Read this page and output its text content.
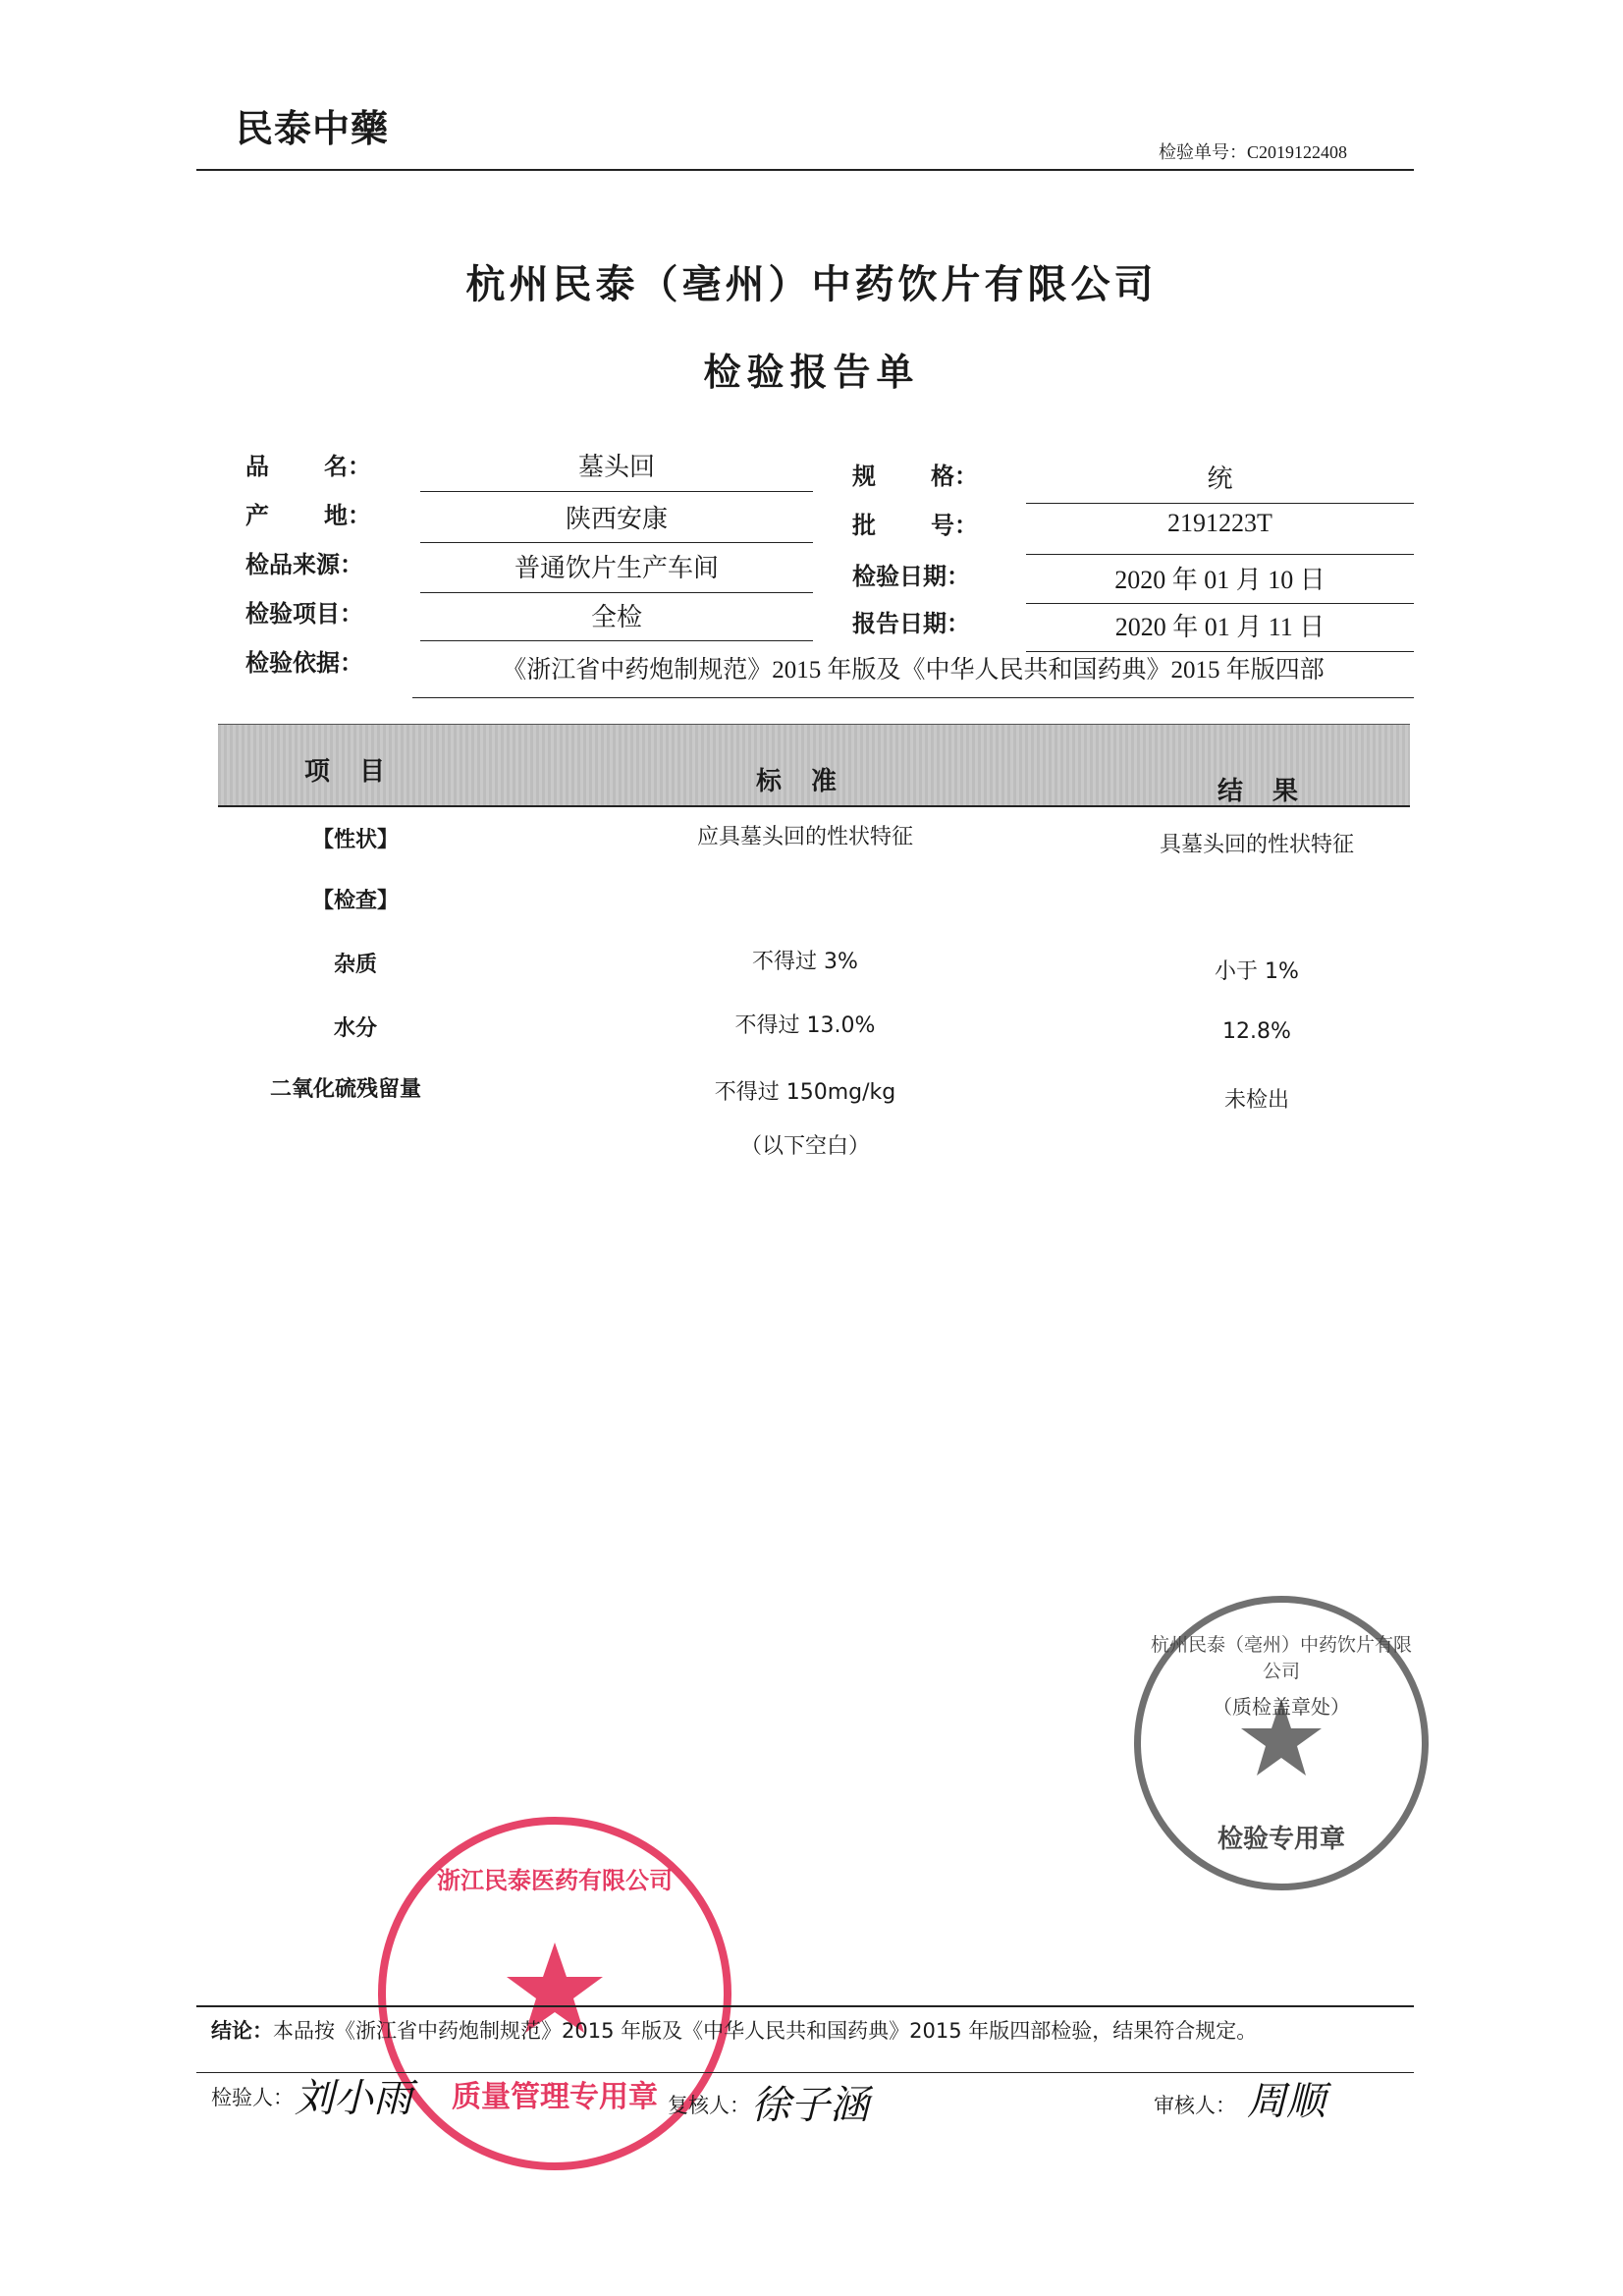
民泰中藥
检验单号：C2019122408
杭州民泰（亳州）中药饮片有限公司
检验报告单
品 名：	墓头回
产 地：	陕西安康
检品来源：	普通饮片生产车间
检验项目：	全检
检验依据：	《浙江省中药炮制规范》2015 年版及《中华人民共和国药典》2015 年版四部
规 格：	统
批 号：	2191223T
检验日期：	2020 年 01 月 10 日
报告日期：	2020 年 01 月 11 日
项目	标准	结果
【性状】	应具墓头回的性状特征	具墓头回的性状特征
【检查】
杂质	不得过 3%	小于 1%
水分	不得过 13.0%	12.8%
二氧化硫残留量	不得过 150mg/kg	未检出
（以下空白）
杭州民泰（亳州）中药饮片有限公司
（质检盖章处）
检验专用章
浙江民泰医药有限公司
质量管理专用章
结论：本品按《浙江省中药炮制规范》2015 年版及《中华人民共和国药典》2015 年版四部检验，结果符合规定。
检验人： 刘小雨	复核人： 徐子涵	审核人： 周顺
